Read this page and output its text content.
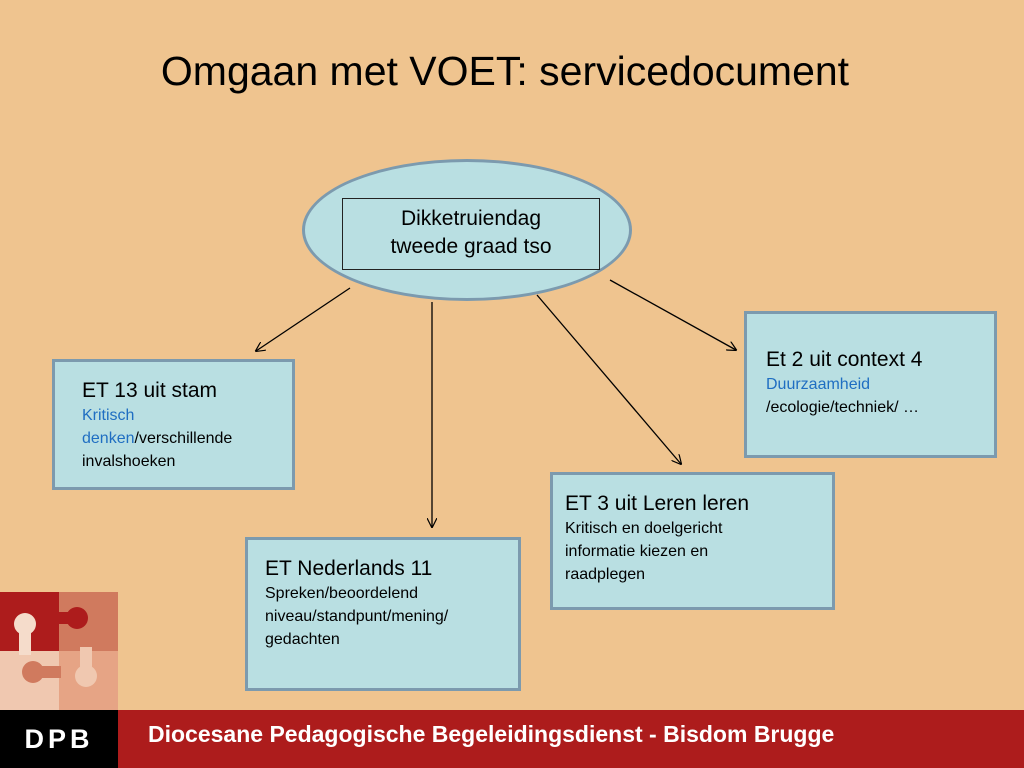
Omgaan met VOET: servicedocument
Dikketruiendag
tweede graad tso
ET 13 uit stam
Kritisch
denken/verschillende
invalshoeken
Et 2 uit context 4
Duurzaamheid
/ecologie/techniek/ …
ET Nederlands 11
Spreken/beoordelend
niveau/standpunt/mening/
gedachten
ET 3 uit Leren leren
Kritisch en doelgericht
informatie kiezen en
raadplegen
DPB	Diocesane Pedagogische Begeleidingsdienst - Bisdom Brugge
